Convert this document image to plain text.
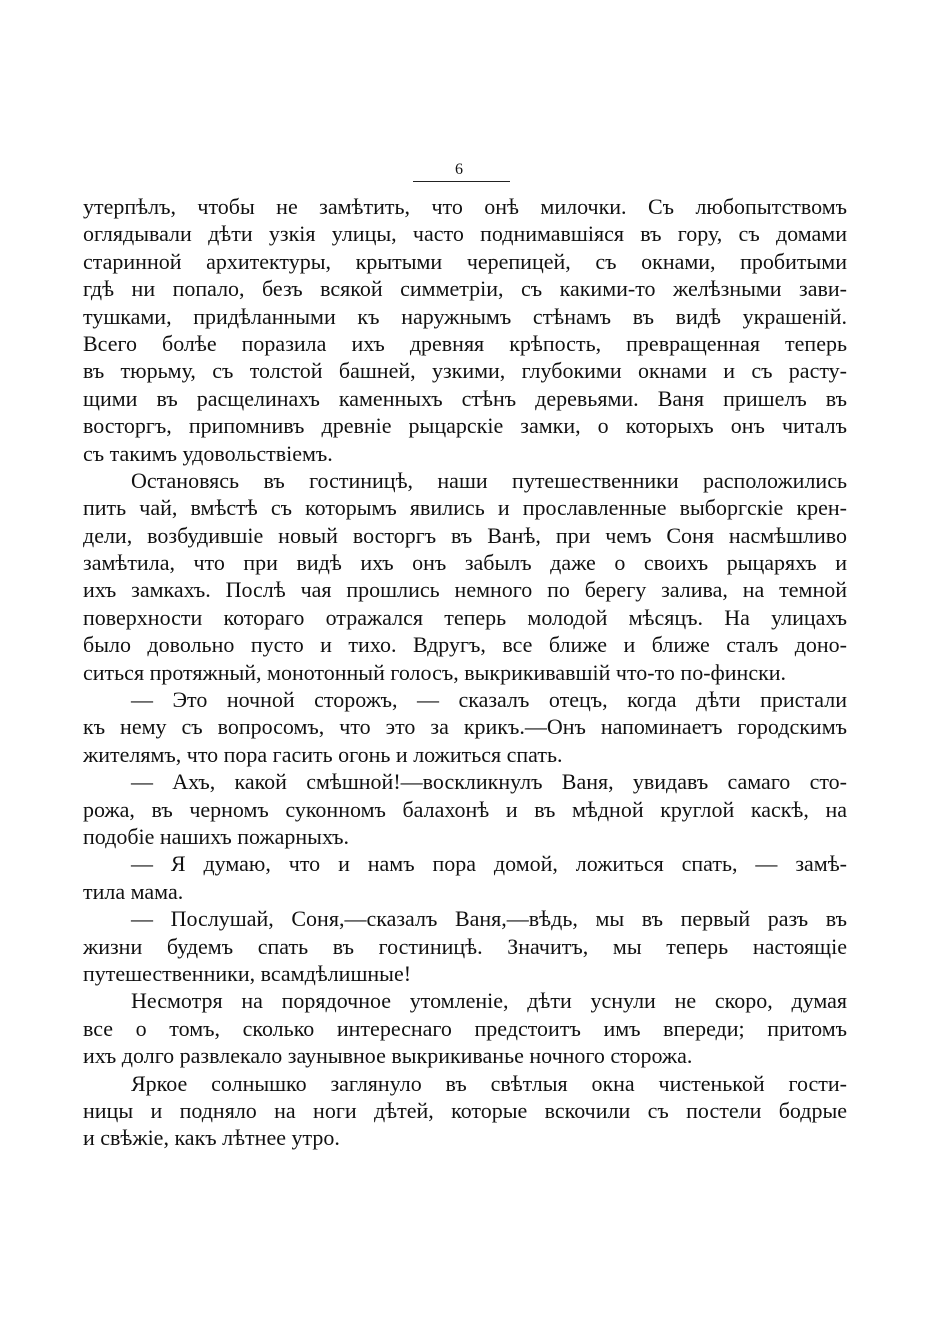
6
утерпѣлъ, чтобы не замѣтить, что онѣ милочки. Съ любопытствомъ
оглядывали дѣти узкія улицы, часто поднимавшіяся въ гору, съ домами
старинной архитектуры, крытыми черепицей, съ окнами, пробитыми
гдѣ ни попало, безъ всякой симметріи, съ какими-то желѣзными зави-
тушками, придѣланными къ наружнымъ стѣнамъ въ видѣ украшеній.
Всего болѣе поразила ихъ древняя крѣпость, превращенная теперь
въ тюрьму, съ толстой башней, узкими, глубокими окнами и съ расту-
щими въ расщелинахъ каменныхъ стѣнъ деревьями. Ваня пришелъ въ
восторгъ, припомнивъ древніе рыцарскіе замки, о которыхъ онъ читалъ
съ такимъ удовольствіемъ.
Остановясь въ гостиницѣ, наши путешественники расположились
пить чай, вмѣстѣ съ которымъ явились и прославленные выборгскіе крен-
дели, возбудившіе новый восторгъ въ Ванѣ, при чемъ Соня насмѣшливо
замѣтила, что при видѣ ихъ онъ забылъ даже о своихъ рыцаряхъ и
ихъ замкахъ. Послѣ чая прошлись немного по берегу залива, на темной
поверхности котораго отражался теперь молодой мѣсяцъ. На улицахъ
было довольно пусто и тихо. Вдругъ, все ближе и ближе сталъ доно-
ситься протяжный, монотонный голосъ, выкрикивавшій что-то по-фински.
— Это ночной сторожъ, — сказалъ отецъ, когда дѣти пристали
къ нему съ вопросомъ, что это за крикъ.—Онъ напоминаетъ городскимъ
жителямъ, что пора гасить огонь и ложиться спать.
— Ахъ, какой смѣшной!—воскликнулъ Ваня, увидавъ самаго сто-
рожа, въ черномъ суконномъ балахонѣ и въ мѣдной круглой каскѣ, на
подобіе нашихъ пожарныхъ.
— Я думаю, что и намъ пора домой, ложиться спать, — замѣ-
тила мама.
— Послушай, Соня,—сказалъ Ваня,—вѣдь, мы въ первый разъ въ
жизни будемъ спать въ гостиницѣ. Значитъ, мы теперь настоящіе
путешественники, всамдѣлишные!
Несмотря на порядочное утомленіе, дѣти уснули не скоро, думая
все о томъ, сколько интереснаго предстоитъ имъ впереди; притомъ
ихъ долго развлекало заунывное выкрикиванье ночного сторожа.
Яркое солнышко заглянуло въ свѣтлыя окна чистенькой гости-
ницы и подняло на ноги дѣтей, которые вскочили съ постели бодрые
и свѣжіе, какъ лѣтнее утро.
